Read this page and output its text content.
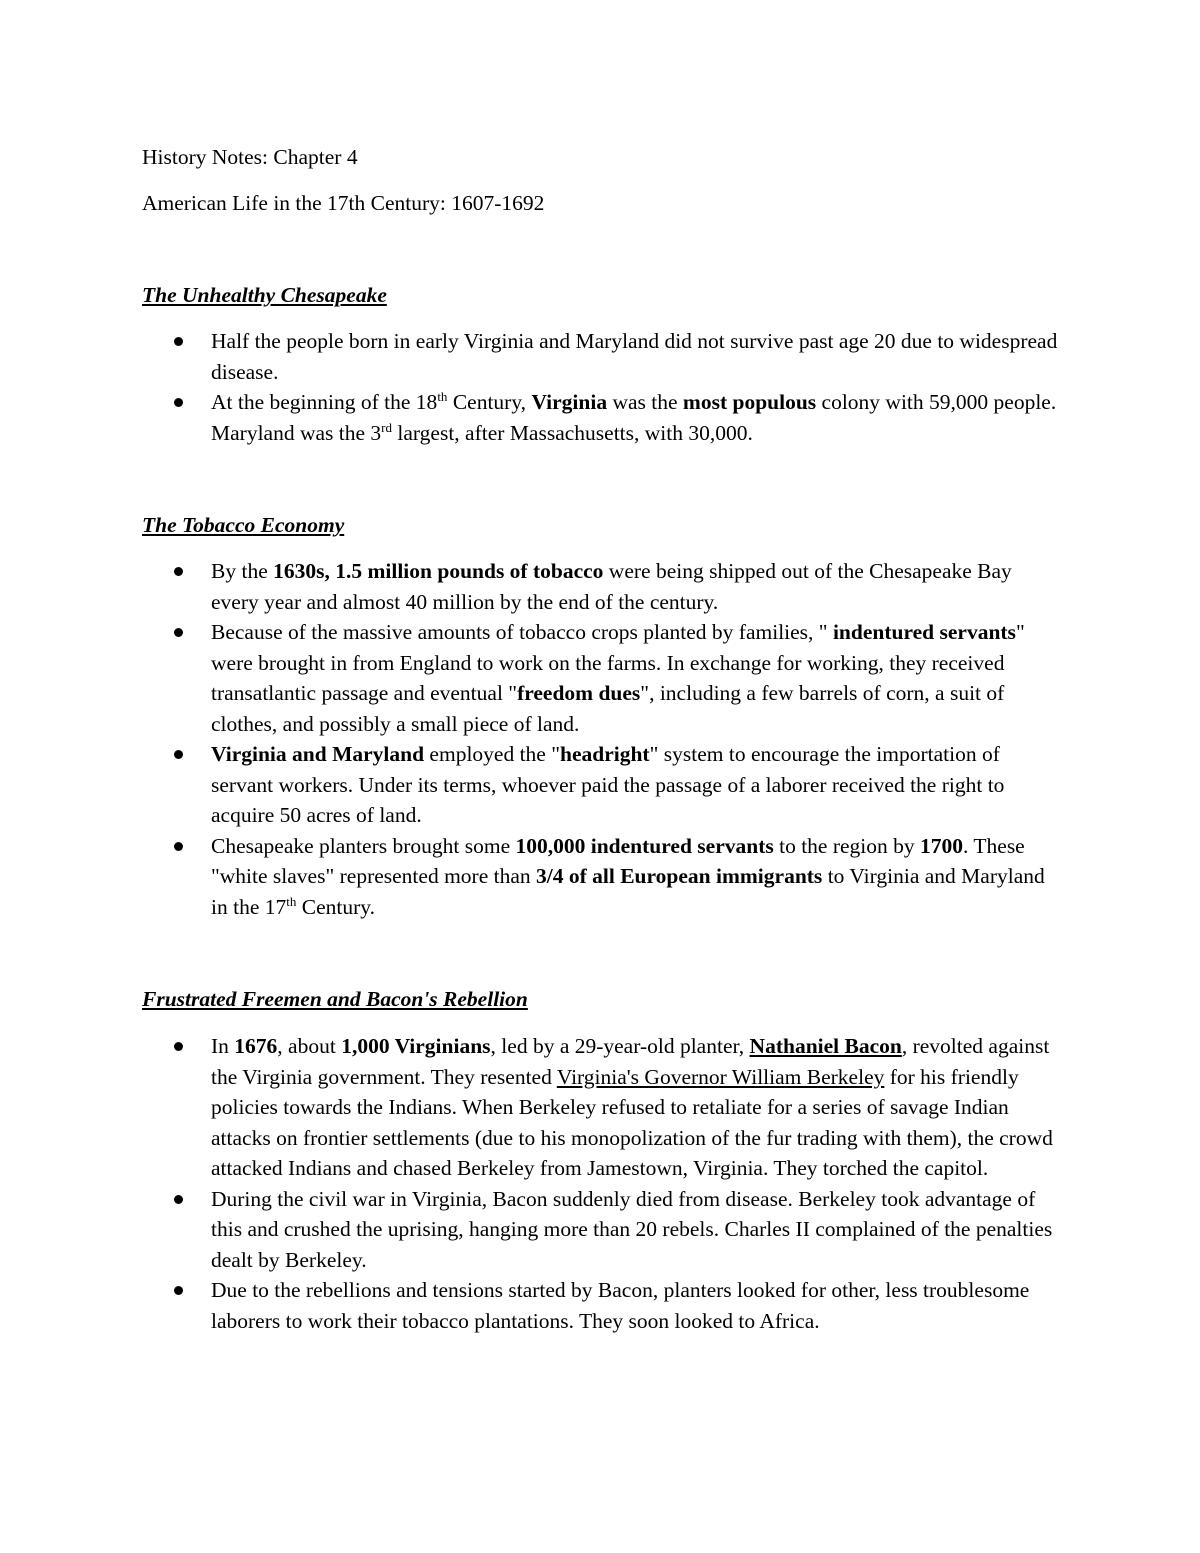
History Notes: Chapter 4

American Life in the 17th Century: 1607-1692

The Unhealthy Chesapeake

Half the people born in early Virginia and Maryland did not survive past age 20 due to widespread disease.
At the beginning of the 18th Century, Virginia was the most populous colony with 59,000 people. Maryland was the 3rd largest, after Massachusetts, with 30,000.

The Tobacco Economy

By the 1630s, 1.5 million pounds of tobacco were being shipped out of the Chesapeake Bay every year and almost 40 million by the end of the century.
Because of the massive amounts of tobacco crops planted by families, " indentured servants" were brought in from England to work on the farms. In exchange for working, they received transatlantic passage and eventual "freedom dues", including a few barrels of corn, a suit of clothes, and possibly a small piece of land.
Virginia and Maryland employed the "headright" system to encourage the importation of servant workers. Under its terms, whoever paid the passage of a laborer received the right to acquire 50 acres of land.
Chesapeake planters brought some 100,000 indentured servants to the region by 1700. These "white slaves" represented more than 3/4 of all European immigrants to Virginia and Maryland in the 17th Century.

Frustrated Freemen and Bacon's Rebellion

In 1676, about 1,000 Virginians, led by a 29-year-old planter, Nathaniel Bacon, revolted against the Virginia government. They resented Virginia's Governor William Berkeley for his friendly policies towards the Indians. When Berkeley refused to retaliate for a series of savage Indian attacks on frontier settlements (due to his monopolization of the fur trading with them), the crowd attacked Indians and chased Berkeley from Jamestown, Virginia. They torched the capitol.
During the civil war in Virginia, Bacon suddenly died from disease. Berkeley took advantage of this and crushed the uprising, hanging more than 20 rebels. Charles II complained of the penalties dealt by Berkeley.
Due to the rebellions and tensions started by Bacon, planters looked for other, less troublesome laborers to work their tobacco plantations. They soon looked to Africa.
